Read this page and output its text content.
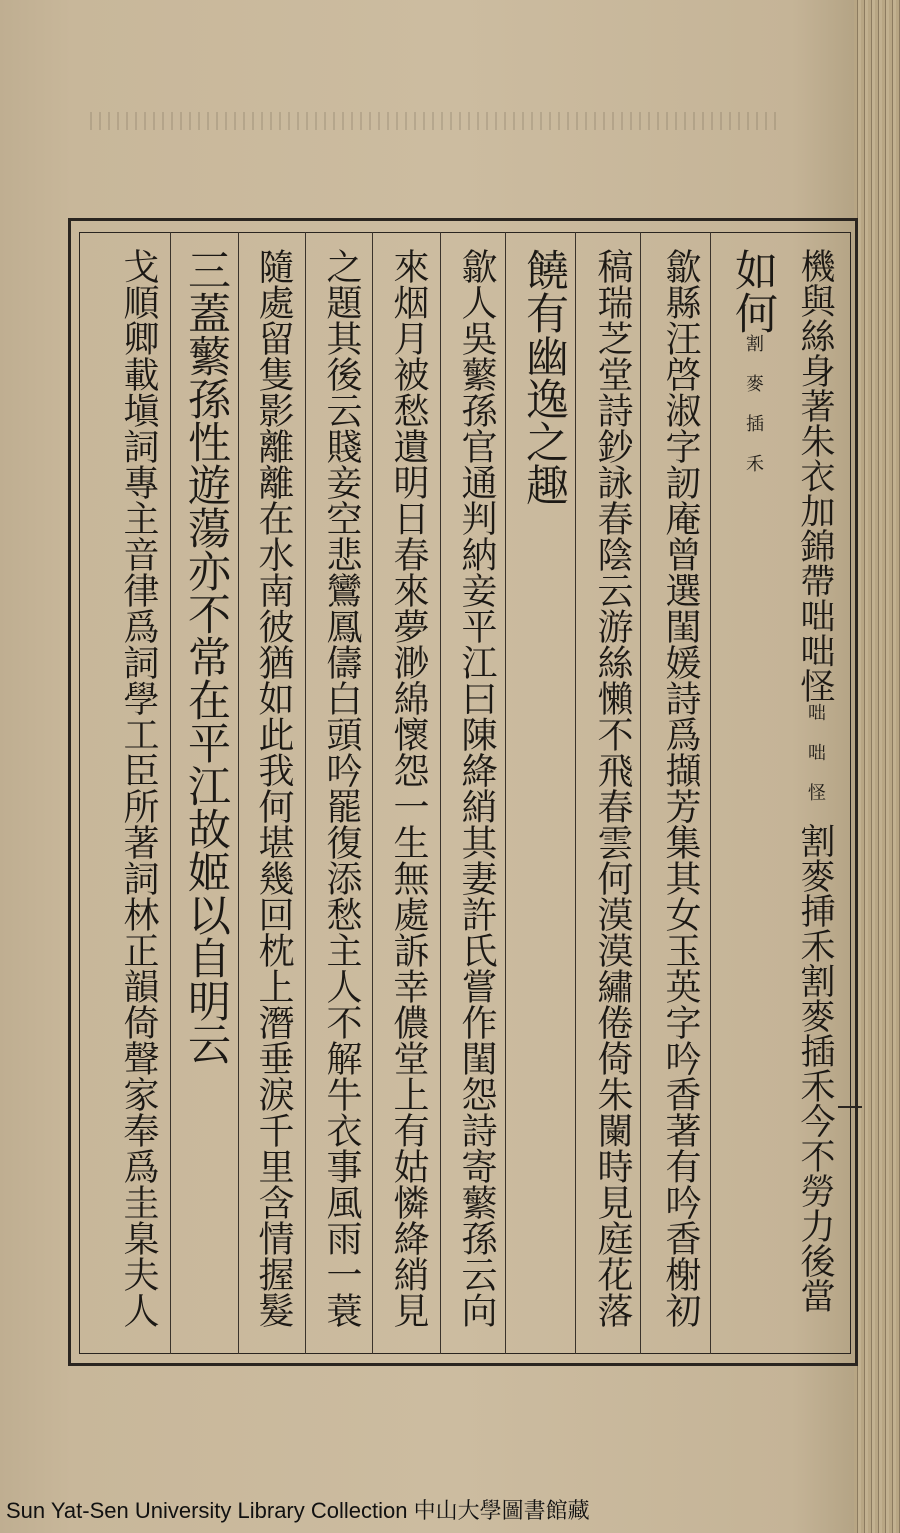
機與絲身著朱衣加錦帶咄咄怪咄咄怪割麥挿禾割麥插禾今不勞力後當
如何割麥插禾
歙縣汪啓淑字訒庵曾選閨媛詩爲擷芳集其女玉英字吟香著有吟香榭初
稿瑞芝堂詩鈔詠春陰云游絲懶不飛春雲何漠漠繡倦倚朱闌時見庭花落
饒有幽逸之趣
歙人吳蘩孫官通判納妾平江曰陳絳綃其妻許氏嘗作閨怨詩寄蘩孫云向
來烟月被愁遺明日春來夢渺綿懷怨一生無處訴幸儂堂上有姑憐絳綃見
之題其後云賤妾空悲鸞鳳儔白頭吟罷復添愁主人不解牛衣事風雨一蓑
隨處留隻影離離在水南彼猶如此我何堪幾回枕上潛垂淚千里含情握髮
三蓋蘩孫性遊蕩亦不常在平江故姬以自明云
戈順卿載塡詞專主音律爲詞學工臣所著詞林正韻倚聲家奉爲圭臬夫人
Sun Yat-Sen University Library Collection 中山大學圖書館藏
